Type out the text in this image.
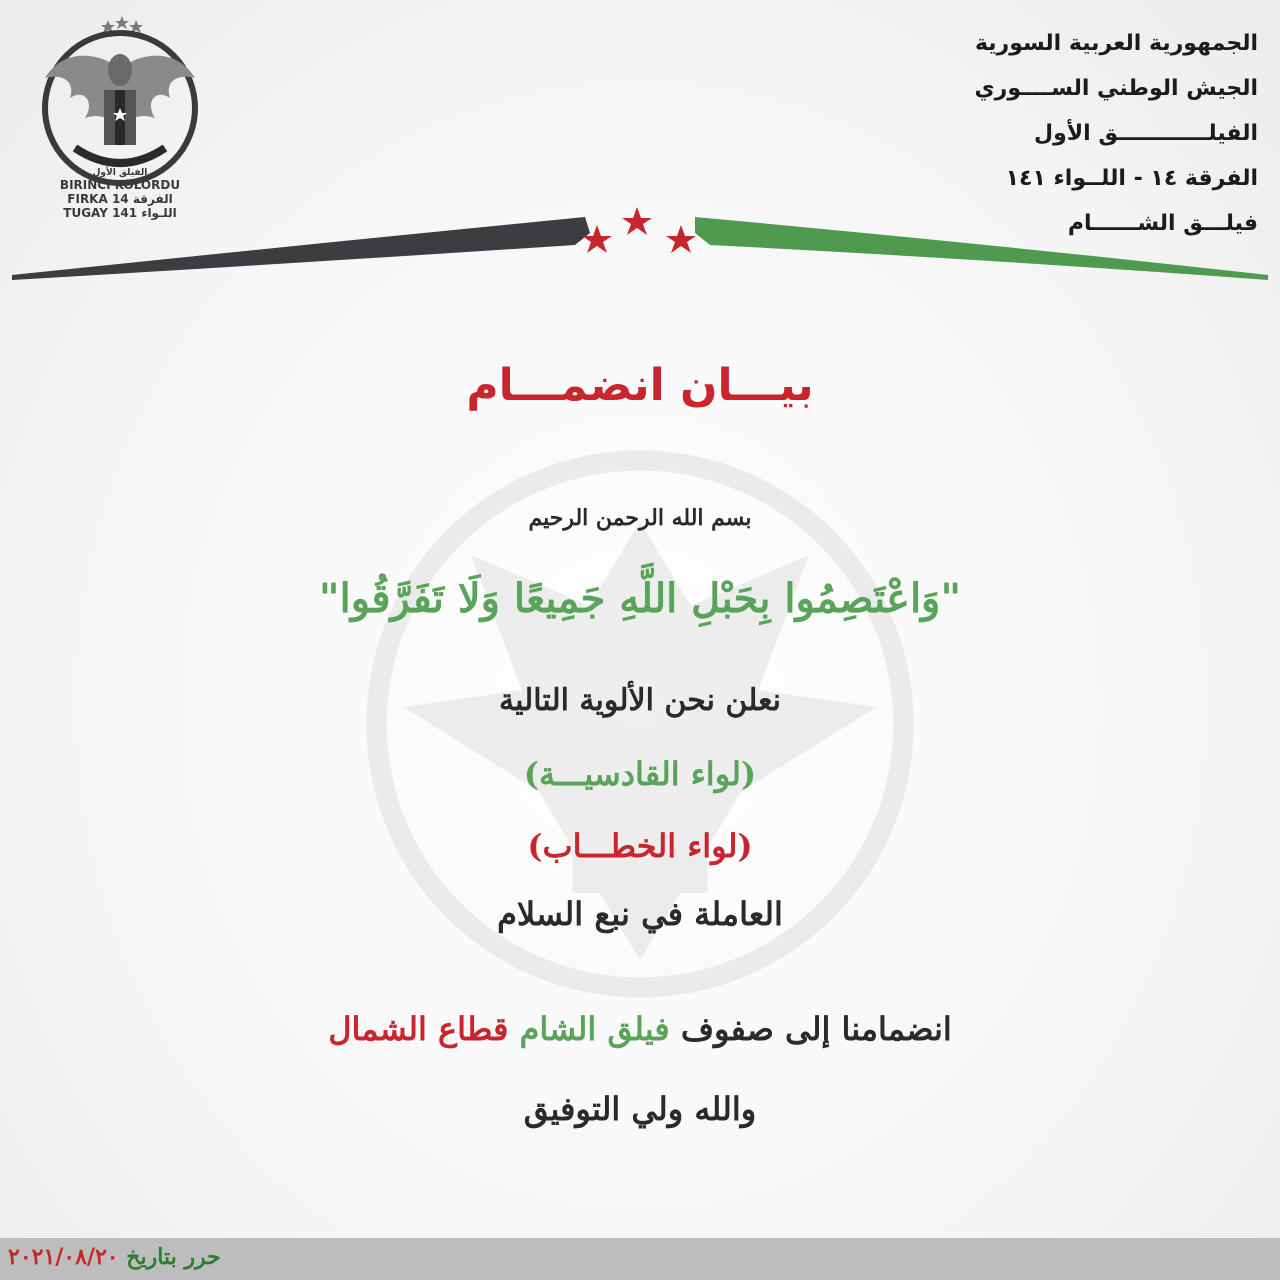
الفيلق الأول
BIRINCI KOLORDU
FIRKA 14 الفرقة
TUGAY 141 اللـواء
الجمهورية العربية السورية
الجيش الوطني الســــوري
الفيلــــــــــــق الأول
الفرقة ١٤ - اللــواء ١٤١
فيلـــق الشــــــام
بيـــان انضمـــام
بسم الله الرحمن الرحيم
"وَاعْتَصِمُوا بِحَبْلِ اللَّهِ جَمِيعًا وَلَا تَفَرَّقُوا"
نعلن نحن الألوية التالية
(لواء القادسيـــة)
(لواء الخطـــاب)
العاملة في نبع السلام
انضمامنا إلى صفوف فيلق الشام قطاع الشمال
والله ولي التوفيق
حرر بتاريخ ٢٠٢١/٠٨/٢٠
